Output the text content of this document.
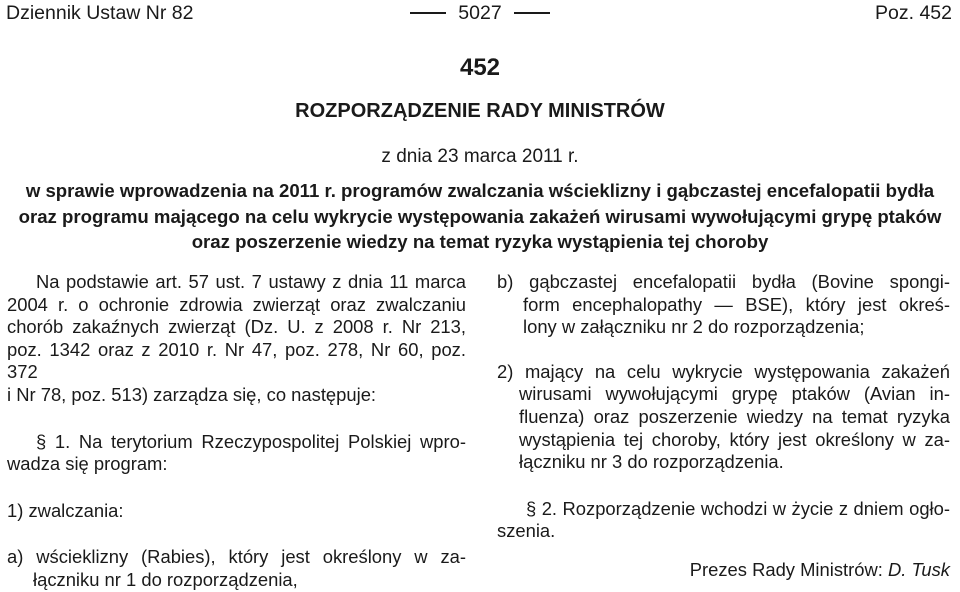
Dziennik Ustaw Nr 82	5027	Poz. 452
452
ROZPORZĄDZENIE RADY MINISTRÓW
z dnia 23 marca 2011 r.
w sprawie wprowadzenia na 2011 r. programów zwalczania wścieklizny i gąbczastej encefalopatii bydła
oraz programu mającego na celu wykrycie występowania zakażeń wirusami wywołującymi grypę ptaków
oraz poszerzenie wiedzy na temat ryzyka wystąpienia tej choroby

Na podstawie art. 57 ust. 7 ustawy z dnia 11 marca

2004 r. o ochronie zdrowia zwierząt oraz zwalczaniu

chorób zakaźnych zwierząt (Dz. U. z 2008 r. Nr 213,

poz. 1342 oraz z 2010 r. Nr 47, poz. 278, Nr 60, poz. 372

i Nr 78, poz. 513) zarządza się, co następuje:

§ 1. Na terytorium Rzeczypospolitej Polskiej wpro-

wadza się program:

1) zwalczania:

a) wścieklizny (Rabies), który jest określony w za-

łączniku nr 1 do rozporządzenia,

b) gąbczastej encefalopatii bydła (Bovine spongi-

form encephalopathy — BSE), który jest okreś-

lony w załączniku nr 2 do rozporządzenia;

2) mający na celu wykrycie występowania zakażeń

wirusami wywołującymi grypę ptaków (Avian in-

fluenza) oraz poszerzenie wiedzy na temat ryzyka

wystąpienia tej choroby, który jest określony w za-

łączniku nr 3 do rozporządzenia.

§ 2. Rozporządzenie wchodzi w życie z dniem ogło-

szenia.

Prezes Rady Ministrów: D. Tusk
